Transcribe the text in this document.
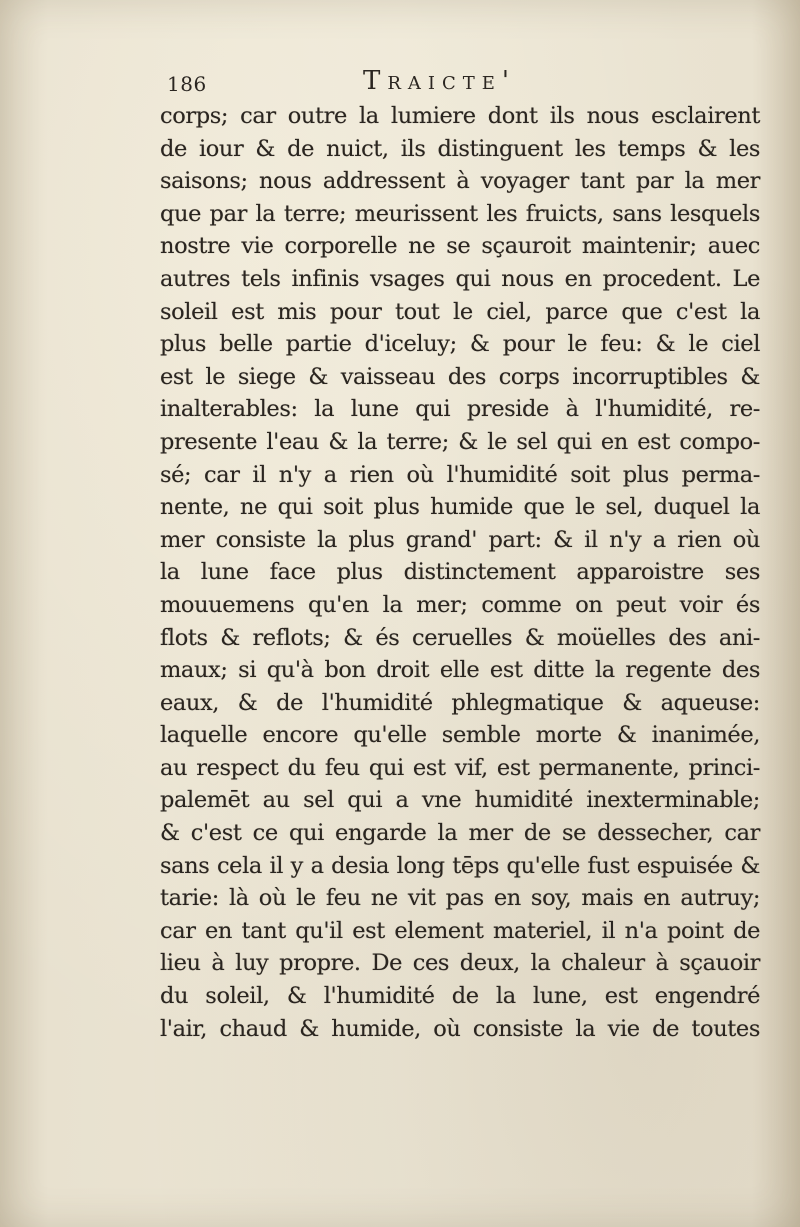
186	Traicte'
corps; car outre la lumiere dont ils nous esclairent
de iour & de nuict, ils distinguent les temps & les
saisons; nous addressent à voyager tant par la mer
que par la terre; meurissent les fruicts, sans lesquels
nostre vie corporelle ne se sçauroit maintenir; auec
autres tels infinis vsages qui nous en procedent. Le
soleil est mis pour tout le ciel, parce que c'est la
plus belle partie d'iceluy; & pour le feu: & le ciel
est le siege & vaisseau des corps incorruptibles &
inalterables: la lune qui preside à l'humidité, re-
presente l'eau & la terre; & le sel qui en est compo-
sé; car il n'y a rien où l'humidité soit plus perma-
nente, ne qui soit plus humide que le sel, duquel la
mer consiste la plus grand' part: & il n'y a rien où
la lune face plus distinctement apparoistre ses
mouuemens qu'en la mer; comme on peut voir és
flots & reflots; & és ceruelles & moüelles des ani-
maux; si qu'à bon droit elle est ditte la regente des
eaux, & de l'humidité phlegmatique & aqueuse:
laquelle encore qu'elle semble morte & inanimée,
au respect du feu qui est vif, est permanente, princi-
palemēt au sel qui a vne humidité inexterminable;
& c'est ce qui engarde la mer de se dessecher, car
sans cela il y a desia long tēps qu'elle fust espuisée &
tarie: là où le feu ne vit pas en soy, mais en autruy;
car en tant qu'il est element materiel, il n'a point de
lieu à luy propre. De ces deux, la chaleur à sçauoir
du soleil, & l'humidité de la lune, est engendré
l'air, chaud & humide, où consiste la vie de toutes
